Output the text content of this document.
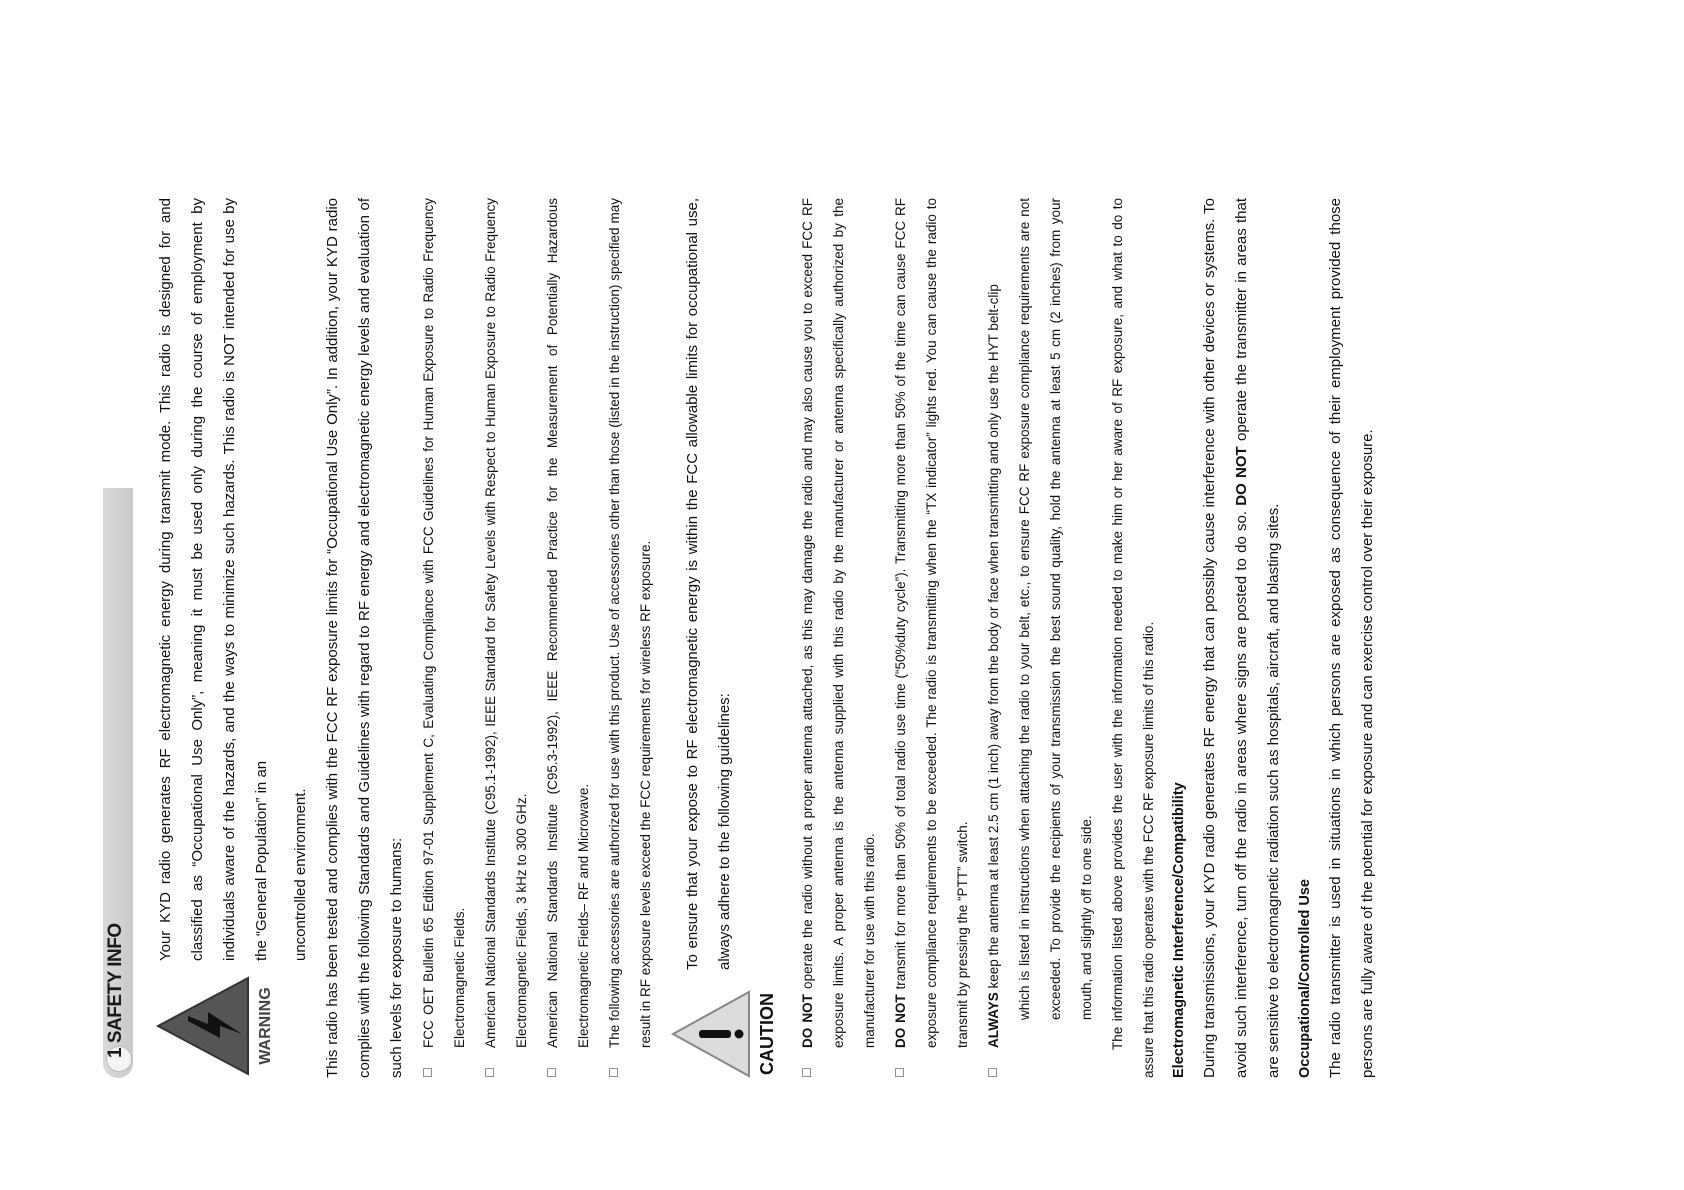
1 SAFETY INFO	WARNING

Your KYD radio generates RF electromagnetic energy during transmit mode. This radio is designed for and classified as “Occupational Use Only”, meaning it must be used only during the course of employment by individuals aware of the hazards, and the ways to minimize such hazards. This radio is NOT intended for use by the “General Population” in an	uncontrolled environment.	This radio has been tested and complies with the FCC RF exposure limits for “Occupational Use Only”. In addition, your KYD radio complies with the following Standards and Guidelines with regard to RF energy and electromagnetic energy levels and evaluation of such levels for exposure to humans:	☐

FCC OET Bulletin 65 Edition 97-01 Supplement C, Evaluating Compliance with FCC Guidelines for Human Exposure to Radio Frequency Electromagnetic Fields.

☐

American National Standards Institute (C95.1-1992), IEEE Standard for Safety Levels with Respect to Human Exposure to Radio Frequency Electromagnetic Fields, 3 kHz to 300 GHz.

☐

American National Standards Institute (C95.3-1992), IEEE Recommended Practice for the Measurement of Potentially Hazardous Electromagnetic Fields– RF and Microwave.

☐

The following accessories are authorized for use with this product. Use of accessories other than those (listed in the instruction) specified may result in RF exposure levels exceed the FCC requirements for wireless RF exposure.	CAUTION

To ensure that your expose to RF electromagnetic energy is within the FCC allowable limits for occupational use, always adhere to the following guidelines:

☐

DO NOT operate the radio without a proper antenna attached, as this may damage the radio and may also cause you to exceed FCC RF exposure limits. A proper antenna is the antenna supplied with this radio by the manufacturer or antenna specifically authorized by the manufacturer for use with this radio.

☐

DO NOT transmit for more than 50% of total radio use time (“50%duty cycle”). Transmitting more than 50% of the time can cause FCC RF exposure compliance requirements to be exceeded. The radio is transmitting when the “TX indicator” lights red. You can cause the radio to transmit by pressing the “PTT” switch.

☐

ALWAYS keep the antenna at least 2.5 cm (1 inch) away from the body or face when transmitting and only use the HYT belt-clip	which is listed in instructions when attaching the radio to your belt, etc., to ensure FCC RF exposure compliance requirements are not exceeded. To provide the recipients of your transmission the best sound quality, hold the antenna at least 5 cm (2 inches) from your mouth, and slightly off to one side.	The information listed above provides the user with the information needed to make him or her aware of RF exposure, and what to do to assure that this radio operates with the FCC RF exposure limits of this radio.	Electromagnetic Interference/Compatibility During transmissions, your KYD radio generates RF energy that can possibly cause interference with other devices or systems. To avoid such interference, turn off the radio in areas where signs are posted to do so. DO NOT operate the transmitter in areas that are sensitive to electromagnetic radiation such as hospitals, aircraft, and blasting sites.	Occupational/Controlled Use The radio transmitter is used in situations in which persons are exposed as consequence of their employment provided those persons are fully aware of the potential for exposure and can exercise control over their exposure.
